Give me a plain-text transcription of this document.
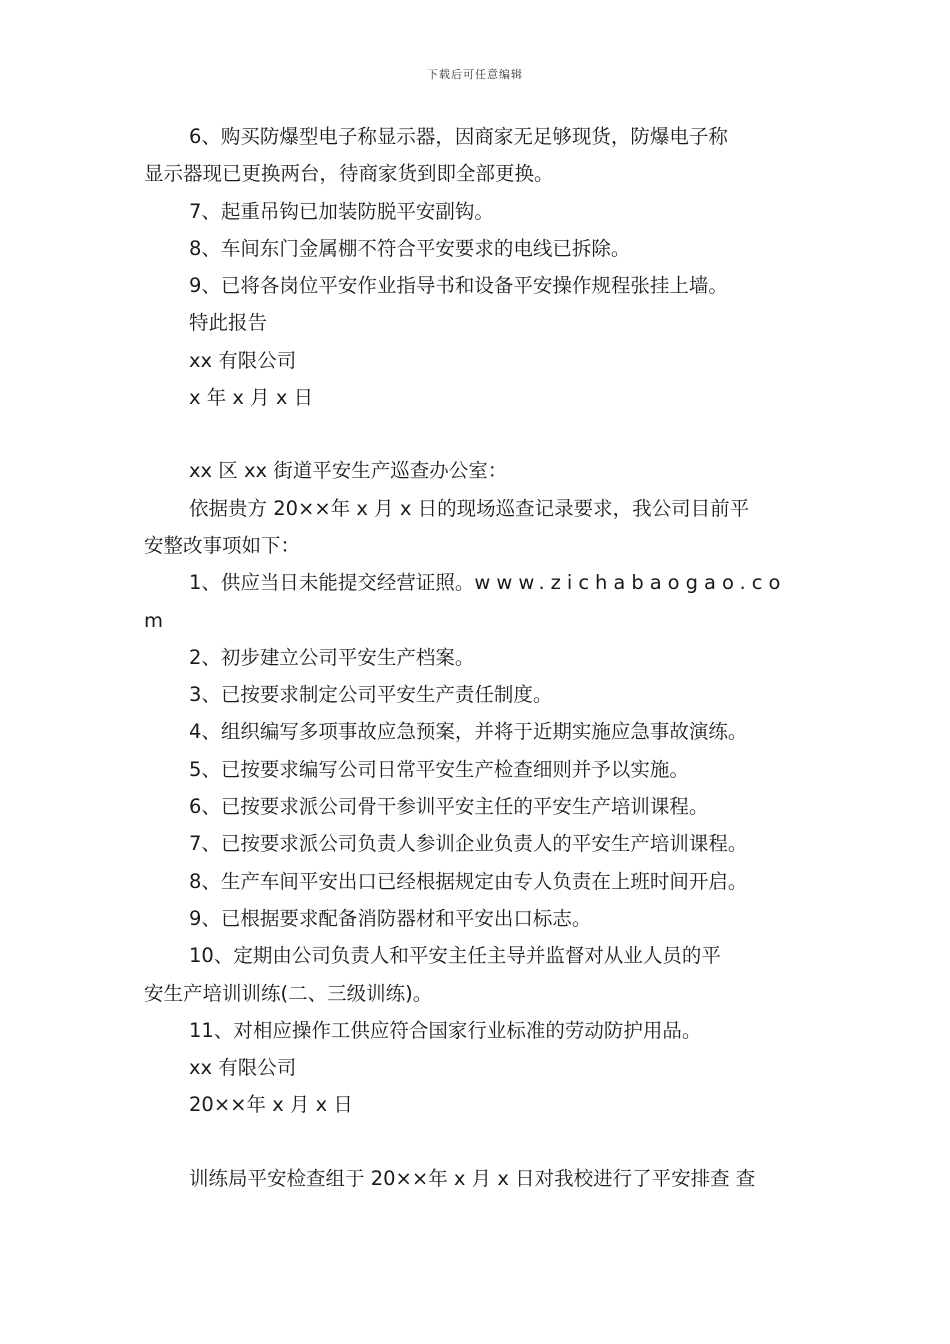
下载后可任意编辑

6、购买防爆型电子称显示器，因商家无足够现货，防爆电子称

显示器现已更换两台，待商家货到即全部更换。

7、起重吊钩已加装防脱平安副钩。

8、车间东门金属棚不符合平安要求的电线已拆除。

9、已将各岗位平安作业指导书和设备平安操作规程张挂上墙。

特此报告

xx 有限公司

x 年 x 月 x 日

xx 区 xx 街道平安生产巡查办公室：

依据贵方 20××年 x 月 x 日的现场巡查记录要求，我公司目前平

安整改事项如下：

1、供应当日未能提交经营证照。www.zichabaogao.co

m

2、初步建立公司平安生产档案。

3、已按要求制定公司平安生产责任制度。

4、组织编写多项事故应急预案，并将于近期实施应急事故演练。

5、已按要求编写公司日常平安生产检查细则并予以实施。

6、已按要求派公司骨干参训平安主任的平安生产培训课程。

7、已按要求派公司负责人参训企业负责人的平安生产培训课程。

8、生产车间平安出口已经根据规定由专人负责在上班时间开启。

9、已根据要求配备消防器材和平安出口标志。

10、定期由公司负责人和平安主任主导并监督对从业人员的平

安生产培训训练(二、三级训练)。

11、对相应操作工供应符合国家行业标准的劳动防护用品。

xx 有限公司

20××年 x 月 x 日

训练局平安检查组于 20××年 x 月 x 日对我校进行了平安排查 查
